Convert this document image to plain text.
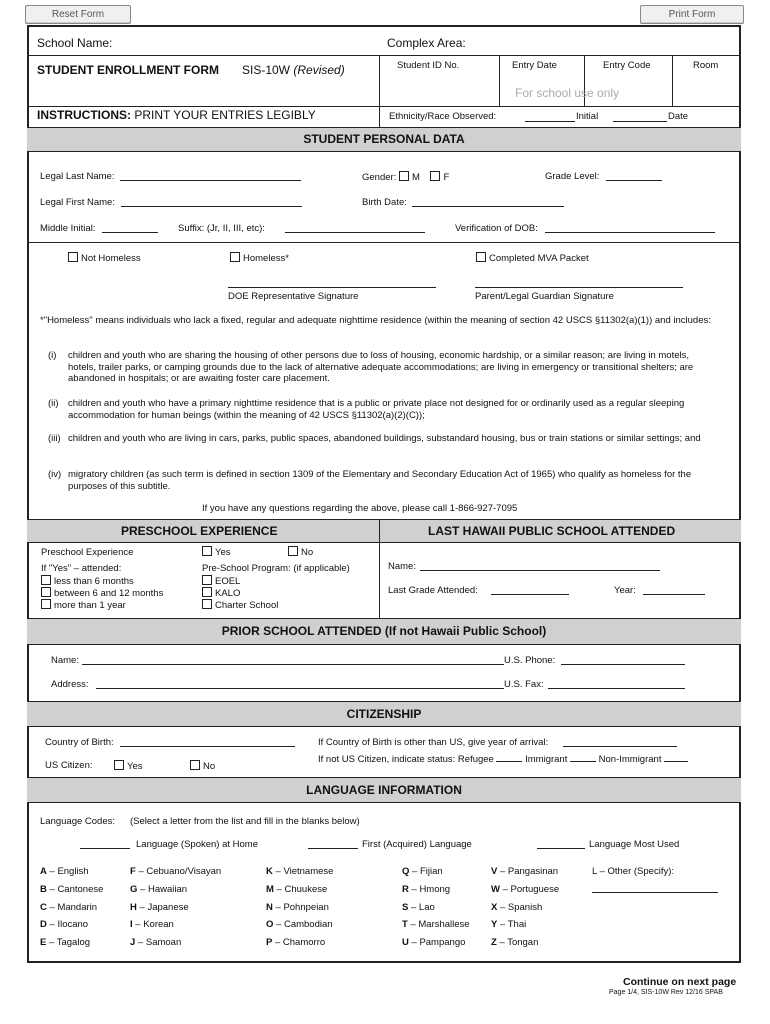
Reset Form	Print Form
School Name:	Complex Area:
STUDENT ENROLLMENT FORM SIS-10W (Revised)	Student ID No.	Entry Date	Entry Code	Room
For school use only
INSTRUCTIONS: PRINT YOUR ENTRIES LEGIBLY	Ethnicity/Race Observed:	Initial	Date
STUDENT PERSONAL DATA
Legal Last Name:	Gender: M F	Grade Level:
Legal First Name:	Birth Date:
Middle Initial:	Suffix: (Jr, II, III, etc):	Verification of DOB:
Not Homeless	Homeless*	Completed MVA Packet
DOE Representative Signature	Parent/Legal Guardian Signature
*"Homeless" means individuals who lack a fixed, regular and adequate nighttime residence (within the meaning of section 42 USCS §11302(a)(1)) and includes:
(i) children and youth who are sharing the housing of other persons due to loss of housing, economic hardship, or a similar reason; are living in motels, hotels, trailer parks, or camping grounds due to the lack of alternative adequate accommodations; are living in emergency or transitional shelters; are abandoned in hospitals; or are awaiting foster care placement.
(ii) children and youth who have a primary nighttime residence that is a public or private place not designed for or ordinarily used as a regular sleeping accommodation for human beings (within the meaning of 42 USCS §11302(a)(2)(C));
(iii) children and youth who are living in cars, parks, public spaces, abandoned buildings, substandard housing, bus or train stations or similar settings; and
(iv) migratory children (as such term is defined in section 1309 of the Elementary and Secondary Education Act of 1965) who qualify as homeless for the purposes of this subtitle.
If you have any questions regarding the above, please call 1-866-927-7095
PRESCHOOL EXPERIENCE	LAST HAWAII PUBLIC SCHOOL ATTENDED
Preschool Experience	Yes	No
If "Yes" – attended:
less than 6 months
between 6 and 12 months
more than 1 year
Pre-School Program: (if applicable)
EOEL
KALO
Charter School
Name:
Last Grade Attended:	Year:
PRIOR SCHOOL ATTENDED (If not Hawaii Public School)
Name:	U.S. Phone:
Address:	U.S. Fax:
CITIZENSHIP
Country of Birth:	If Country of Birth is other than US, give year of arrival:
US Citizen:	Yes	No
If not US Citizen, indicate status: Refugee	Immigrant	Non-Immigrant
LANGUAGE INFORMATION
Language Codes: (Select a letter from the list and fill in the blanks below)
Language (Spoken) at Home	First (Acquired) Language	Language Most Used
A – English
B – Cantonese
C – Mandarin
D – Ilocano
E – Tagalog
F – Cebuano/Visayan
G – Hawaiian
H – Japanese
I – Korean
J – Samoan
K – Vietnamese
M – Chuukese
N – Pohnpeian
O – Cambodian
P – Chamorro
Q – Fijian
R – Hmong
S – Lao
T – Marshallese
U – Pampango
V – Pangasinan
W – Portuguese
X – Spanish
Y – Thai
Z – Tongan
L – Other (Specify):
Continue on next page
Page 1/4, SIS-10W Rev 12/16 SPAB
